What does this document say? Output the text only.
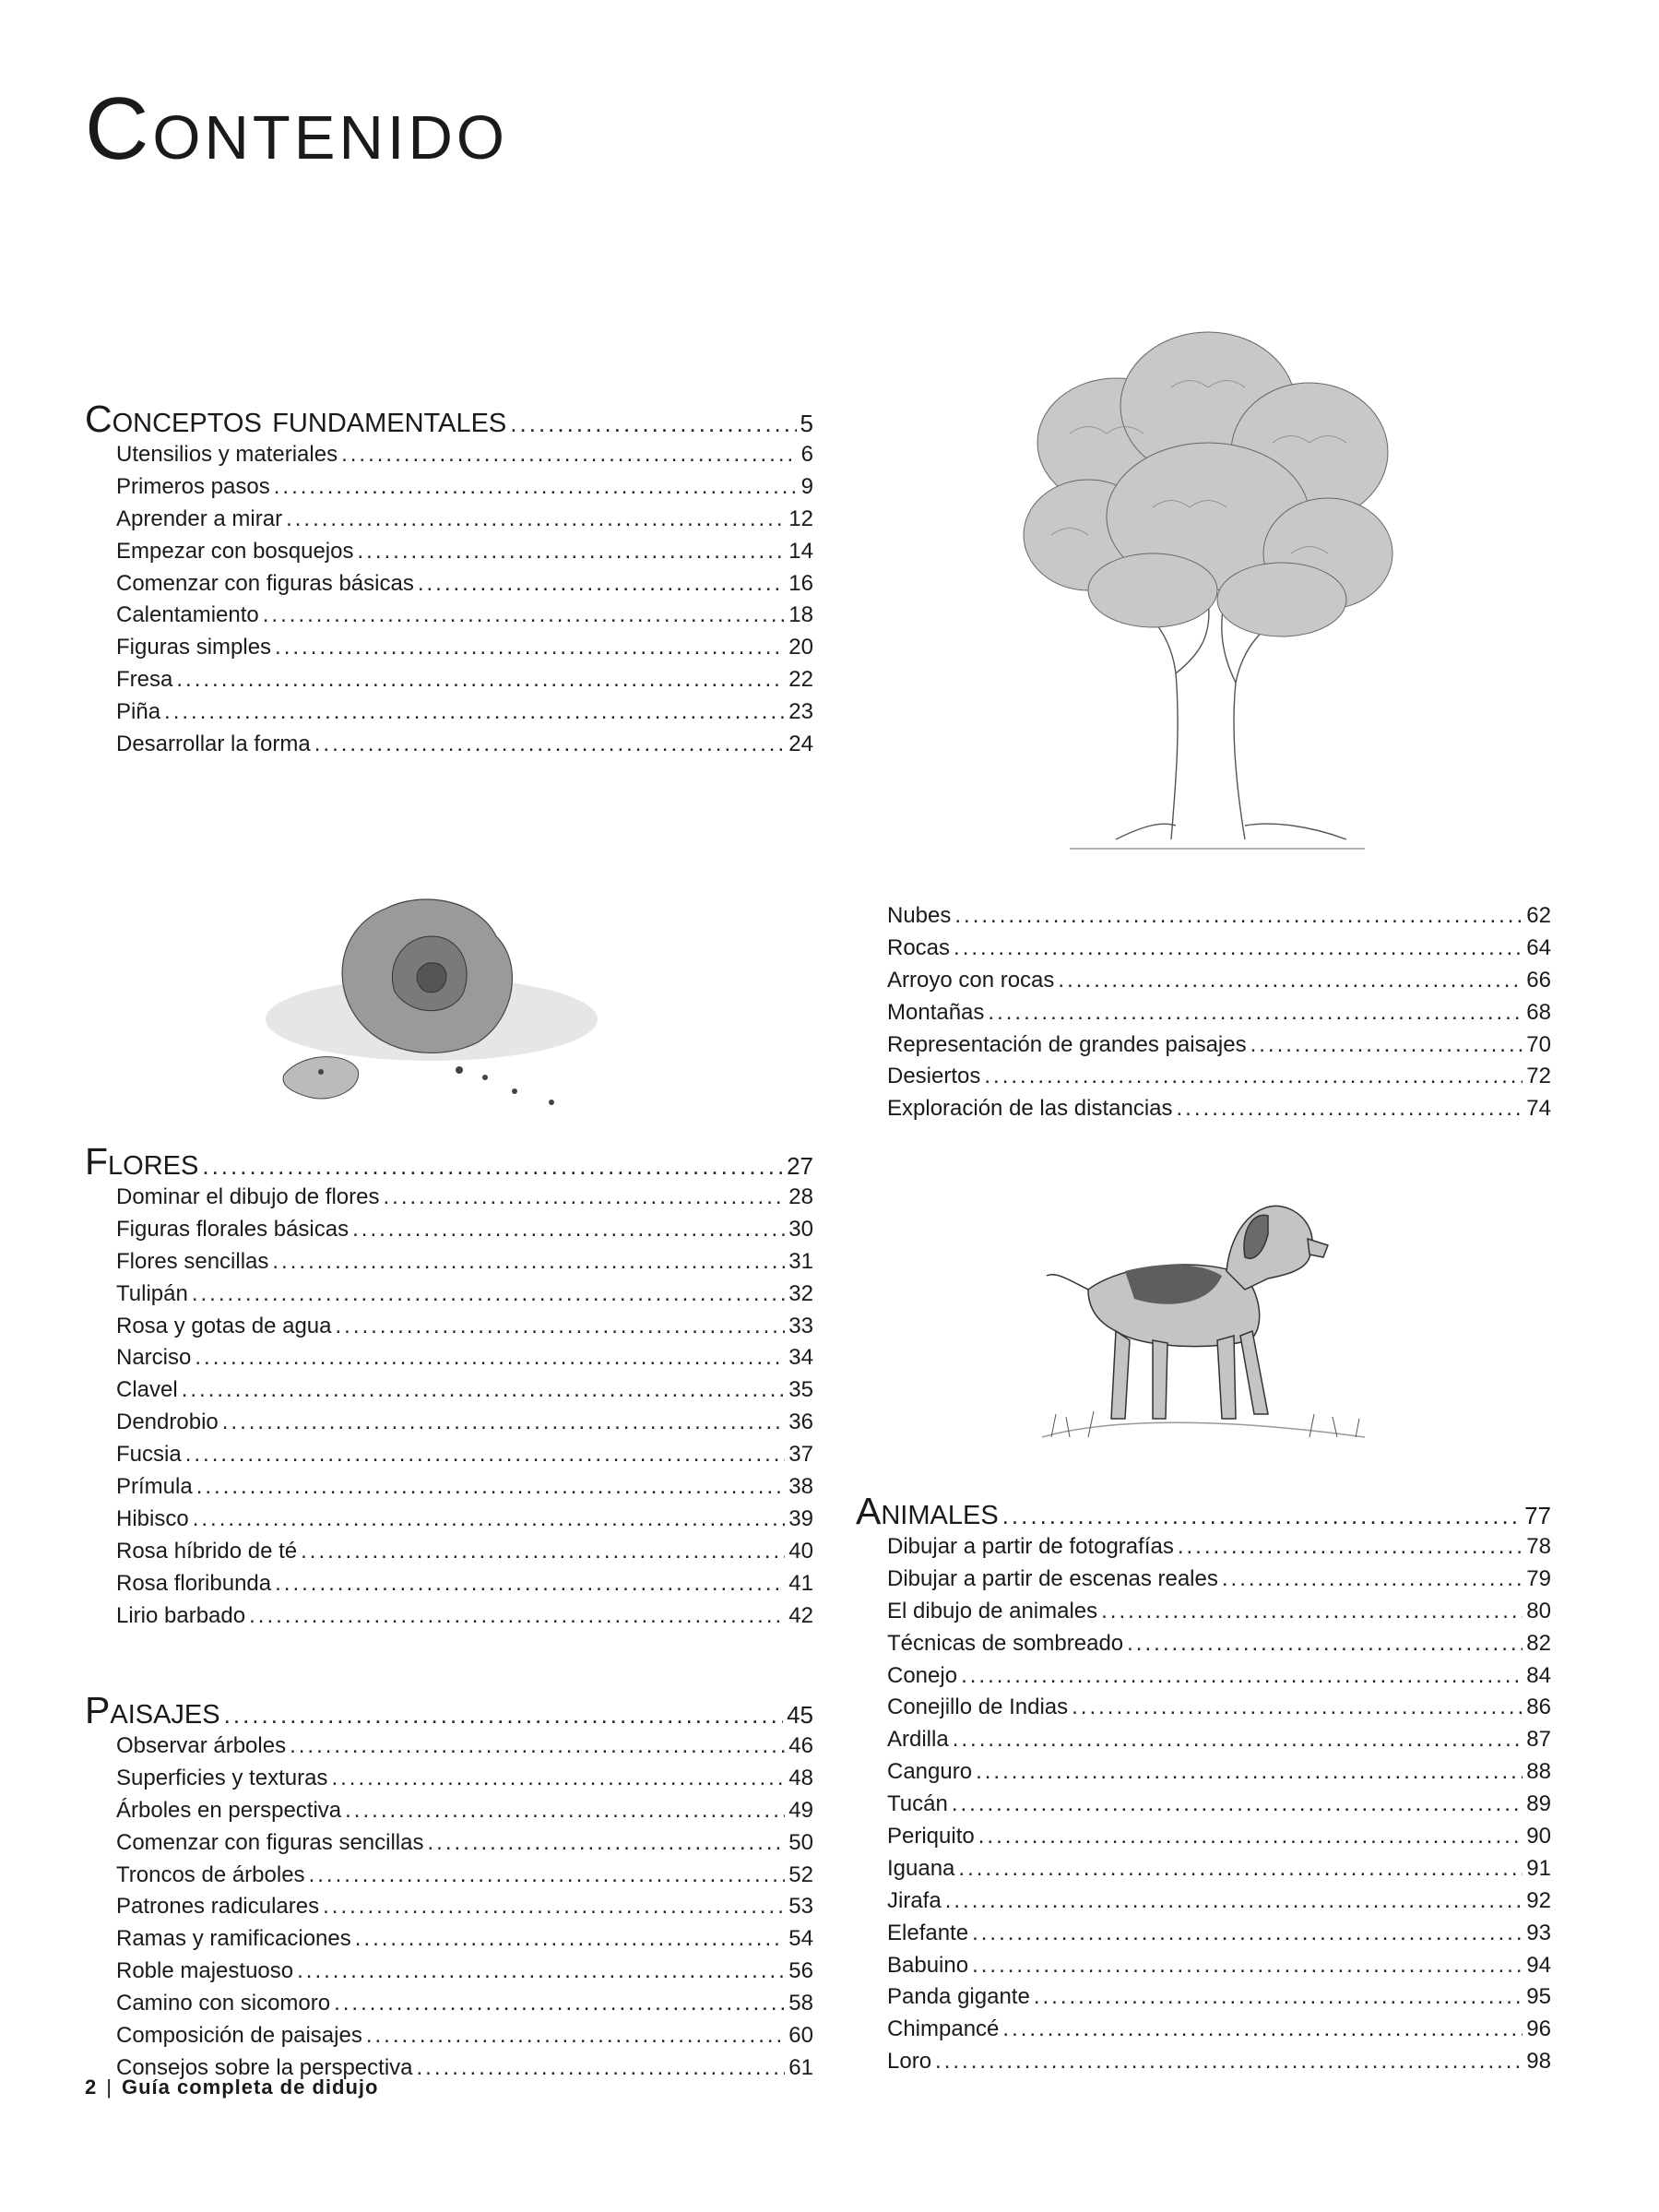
Contenido
Conceptos fundamentales .....	5
Utensilios y materiales .....	6
Primeros pasos .....	9
Aprender a mirar .....	12
Empezar con bosquejos .....	14
Comenzar con figuras básicas .....	16
Calentamiento .....	18
Figuras simples .....	20
Fresa .....	22
Piña .....	23
Desarrollar la forma .....	24
Flores .....	27
Dominar el dibujo de flores .....	28
Figuras florales básicas .....	30
Flores sencillas .....	31
Tulipán .....	32
Rosa y gotas de agua .....	33
Narciso .....	34
Clavel .....	35
Dendrobio .....	36
Fucsia .....	37
Prímula .....	38
Hibisco .....	39
Rosa híbrido de té .....	40
Rosa floribunda .....	41
Lirio barbado .....	42
Paisajes .....	45
Observar árboles .....	46
Superficies y texturas .....	48
Árboles en perspectiva .....	49
Comenzar con figuras sencillas .....	50
Troncos de árboles .....	52
Patrones radiculares .....	53
Ramas y ramificaciones .....	54
Roble majestuoso .....	56
Camino con sicomoro .....	58
Composición de paisajes .....	60
Consejos sobre la perspectiva .....	61
Nubes .....	62
Rocas .....	64
Arroyo con rocas .....	66
Montañas .....	68
Representación de grandes paisajes .....	70
Desiertos .....	72
Exploración de las distancias .....	74
Animales .....	77
Dibujar a partir de fotografías .....	78
Dibujar a partir de escenas reales .....	79
El dibujo de animales .....	80
Técnicas de sombreado .....	82
Conejo .....	84
Conejillo de Indias .....	86
Ardilla .....	87
Canguro .....	88
Tucán .....	89
Periquito .....	90
Iguana .....	91
Jirafa .....	92
Elefante .....	93
Babuino .....	94
Panda gigante .....	95
Chimpancé .....	96
Loro .....	98
2 | Guía completa de didujo
